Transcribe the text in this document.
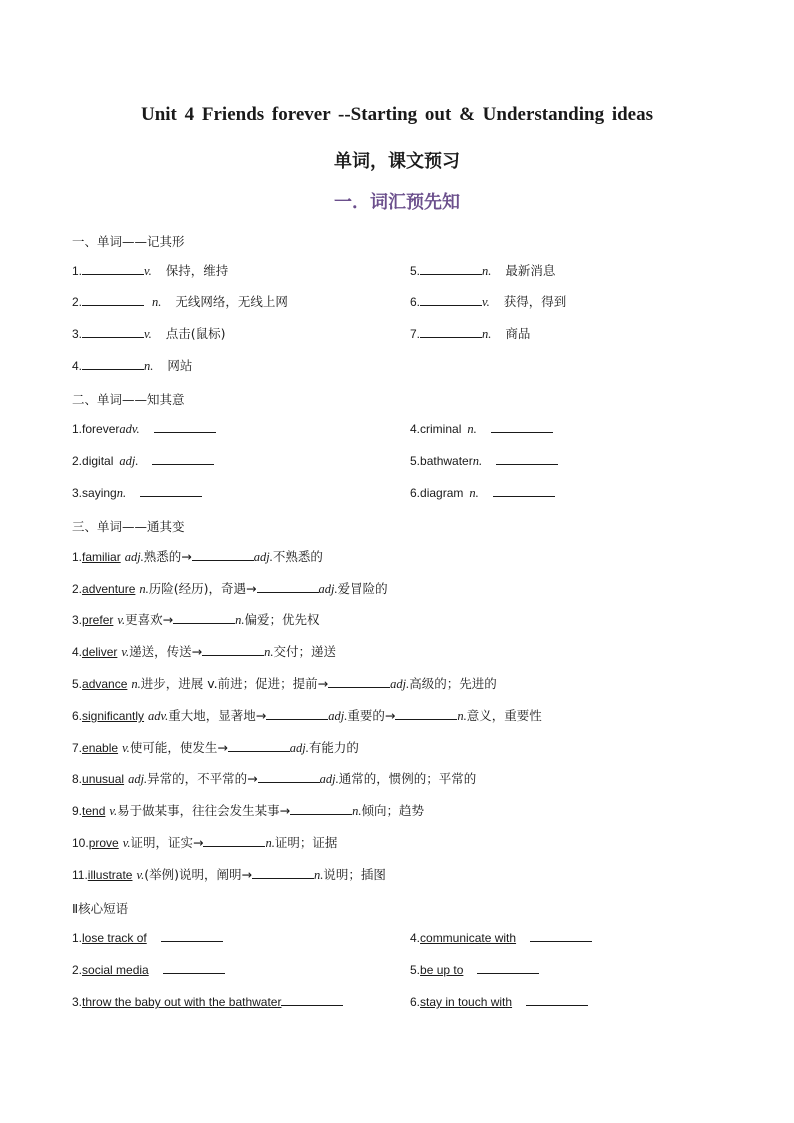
Unit 4 Friends forever --Starting out & Understanding ideas
单词，课文预习
一．词汇预先知
一、单词——记其形
1.	v. 保持，维持
2.	n. 无线网络，无线上网
3.	v. 点击(鼠标)
4.	n. 网站
5.	n. 最新消息
6.	v. 获得，得到
7.	n. 商品
二、单词——知其意
1.foreveradv.
2.digital adj.
3.sayingn.
4.criminal n.
5.bathwatern.
6.diagram n.
三、单词——通其变
1.familiar adj.熟悉的→	adj.不熟悉的
2.adventure n.历险(经历)，奇遇→	adj.爱冒险的
3.prefer v.更喜欢→	n.偏爱；优先权
4.deliver v.递送，传送→	n.交付；递送
5.advance n.进步，进展 v.前进；促进；提前→	adj.高级的；先进的
6.significantly adv.重大地，显著地→	adj.重要的→	n.意义，重要性
7.enable v.使可能，使发生→	adj.有能力的
8.unusual adj.异常的，不平常的→	adj.通常的，惯例的；平常的
9.tend v.易于做某事，往往会发生某事→	n.倾向；趋势
10.prove v.证明，证实→	n.证明；证据
11.illustrate v.(举例)说明，阐明→	n.说明；插图
Ⅱ核心短语
1.lose track of
2.social media
3.throw the baby out with the bathwater
4.communicate with
5.be up to
6.stay in touch with
